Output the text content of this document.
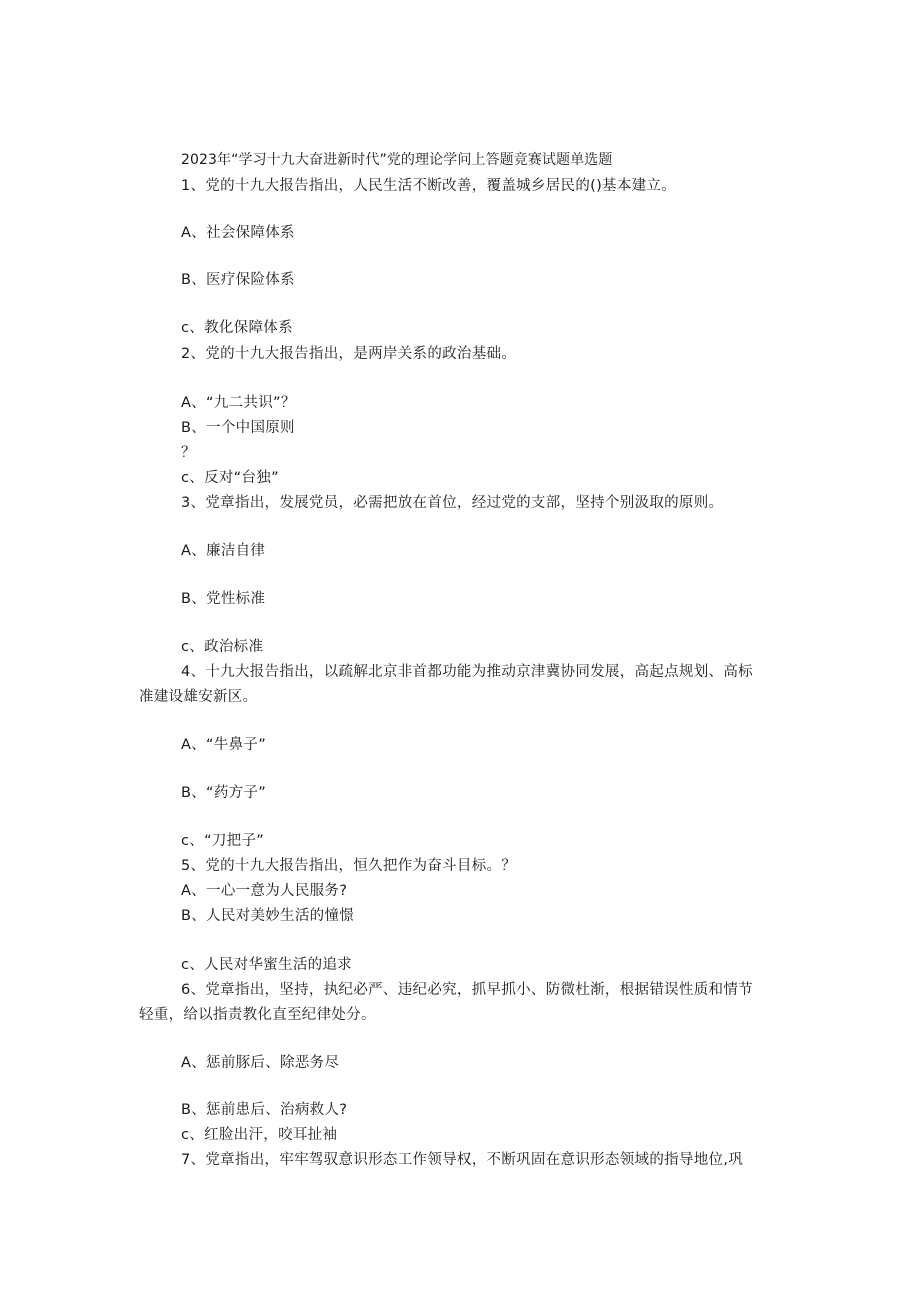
2023年“学习十九大奋进新时代”党的理论学问上答题竞赛试题单选题
1、党的十九大报告指出，人民生活不断改善，覆盖城乡居民的()基本建立。
A、社会保障体系
B、医疗保险体系
c、教化保障体系
2、党的十九大报告指出，是两岸关系的政治基础。
A、“九二共识”？
B、一个中国原则
？
c、反对“台独”
3、党章指出，发展党员，必需把放在首位，经过党的支部，坚持个别汲取的原则。
A、廉洁自律
B、党性标准
c、政治标准
4、十九大报告指出，以疏解北京非首都功能为推动京津冀协同发展，高起点规划、高标
准建设雄安新区。
A、“牛鼻子”
B、“药方子”
c、“刀把子”
5、党的十九大报告指出，恒久把作为奋斗目标。？
A、一心一意为人民服务?
B、人民对美妙生活的憧憬
c、人民对华蜜生活的追求
6、党章指出，坚持，执纪必严、违纪必究，抓早抓小、防微杜渐，根据错误性质和情节
轻重，给以指责教化直至纪律处分。
A、惩前豚后、除恶务尽
B、惩前患后、治病救人?
c、红脸出汗，咬耳扯袖
7、党章指出，牢牢驾驭意识形态工作领导权，不断巩固在意识形态领域的指导地位,巩
